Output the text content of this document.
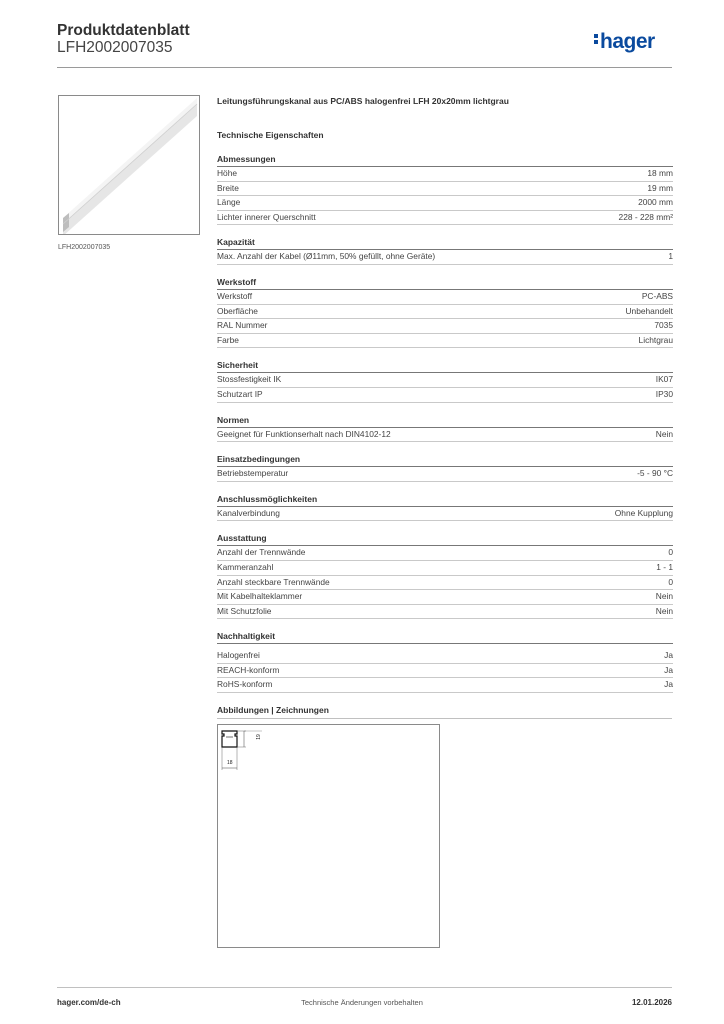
Produktdatenblatt
LFH2002007035	hager
LFH2002007035
Leitungsführungskanal aus PC/ABS halogenfrei LFH 20x20mm lichtgrau
Technische Eigenschaften
Abmessungen
Höhe	18 mm
Breite	19 mm
Länge	2000 mm
Lichter innerer Querschnitt	228 - 228 mm²
Kapazität
Max. Anzahl der Kabel (Ø11mm, 50% gefüllt, ohne Geräte)	1
Werkstoff
Werkstoff	PC-ABS
Oberfläche	Unbehandelt
RAL Nummer	7035
Farbe	Lichtgrau
Sicherheit
Stossfestigkeit IK	IK07
Schutzart IP	IP30
Normen
Geeignet für Funktionserhalt nach DIN4102-12	Nein
Einsatzbedingungen
Betriebstemperatur	-5 - 90 °C
Anschlussmöglichkeiten
Kanalverbindung	Ohne Kupplung
Ausstattung
Anzahl der Trennwände	0
Kammeranzahl	1 - 1
Anzahl steckbare Trennwände	0
Mit Kabelhalteklammer	Nein
Mit Schutzfolie	Nein
Nachhaltigkeit
Halogenfrei	Ja
REACH-konform	Ja
RoHS-konform	Ja
Abbildungen | Zeichnungen
19
18
hager.com/de-ch	Technische Änderungen vorbehalten	12.01.2026
